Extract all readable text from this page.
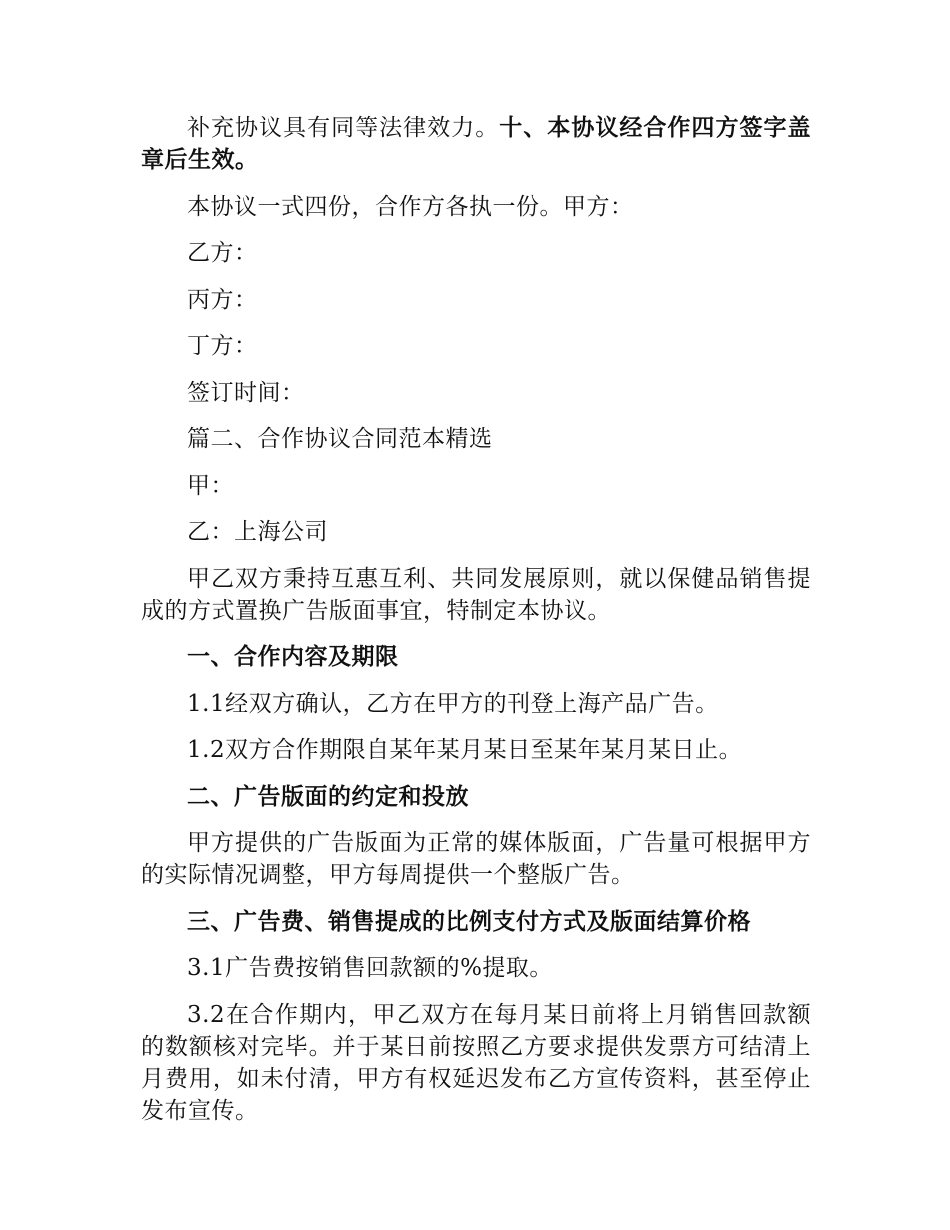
补充协议具有同等法律效力。十、本协议经合作四方签字盖章后生效。

本协议一式四份，合作方各执一份。甲方：

乙方：

丙方：

丁方：

签订时间：

篇二、合作协议合同范本精选

甲：

乙：上海公司

甲乙双方秉持互惠互利、共同发展原则，就以保健品销售提成的方式置换广告版面事宜，特制定本协议。

一、合作内容及期限

1.1经双方确认，乙方在甲方的刊登上海产品广告。

1.2双方合作期限自某年某月某日至某年某月某日止。

二、广告版面的约定和投放

甲方提供的广告版面为正常的媒体版面，广告量可根据甲方的实际情况调整，甲方每周提供一个整版广告。

三、广告费、销售提成的比例支付方式及版面结算价格

3.1广告费按销售回款额的%提取。

3.2在合作期内，甲乙双方在每月某日前将上月销售回款额的数额核对完毕。并于某日前按照乙方要求提供发票方可结清上月费用，如未付清，甲方有权延迟发布乙方宣传资料，甚至停止发布宣传。
